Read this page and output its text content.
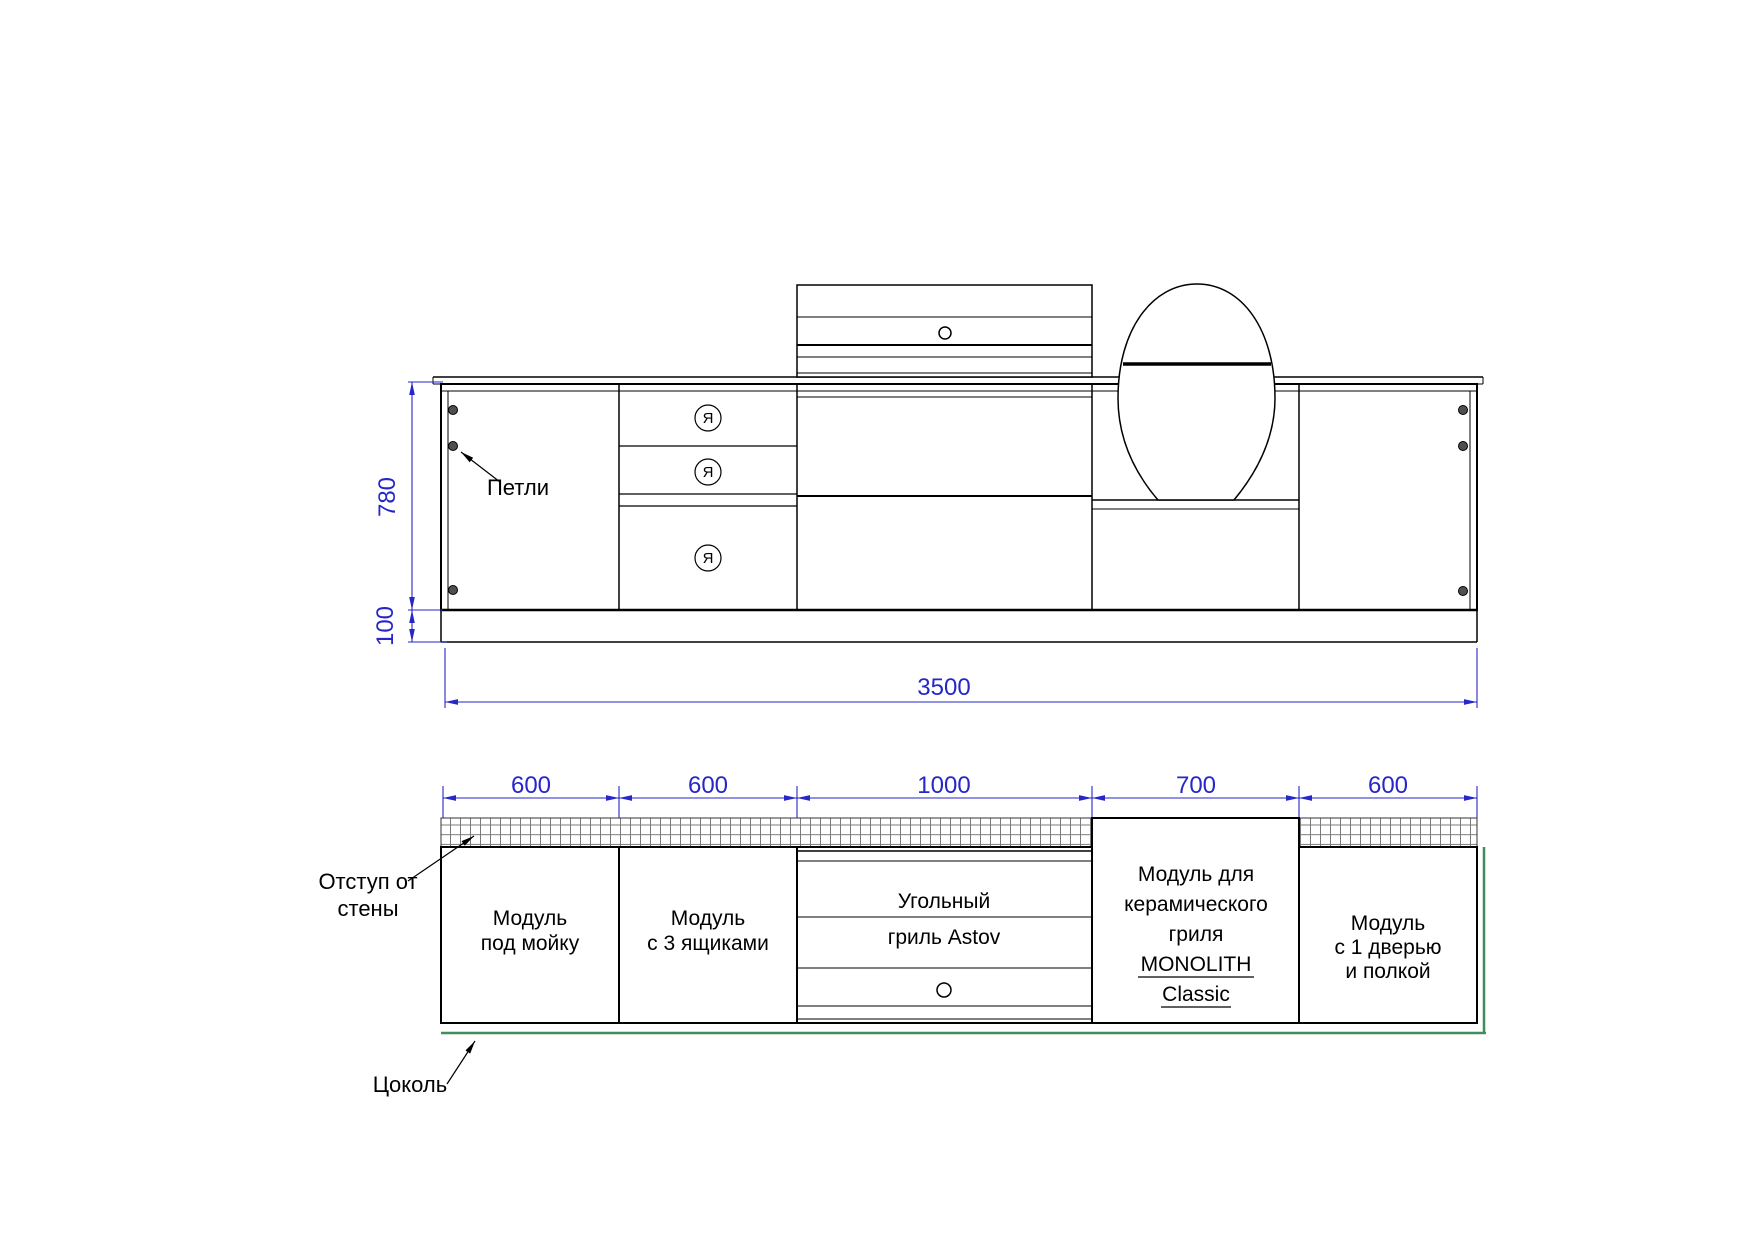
Петли
Я
Я
Я
780
100
3500
600	600	1000	700	600
Угольный
гриль Astov
Модуль для
керамического
гриля
MONOLITH
Classic
Модуль
под мойку
Модуль
с 3 ящиками
Модуль
с 1 дверью
и полкой
Отступ от
стены
Цоколь
